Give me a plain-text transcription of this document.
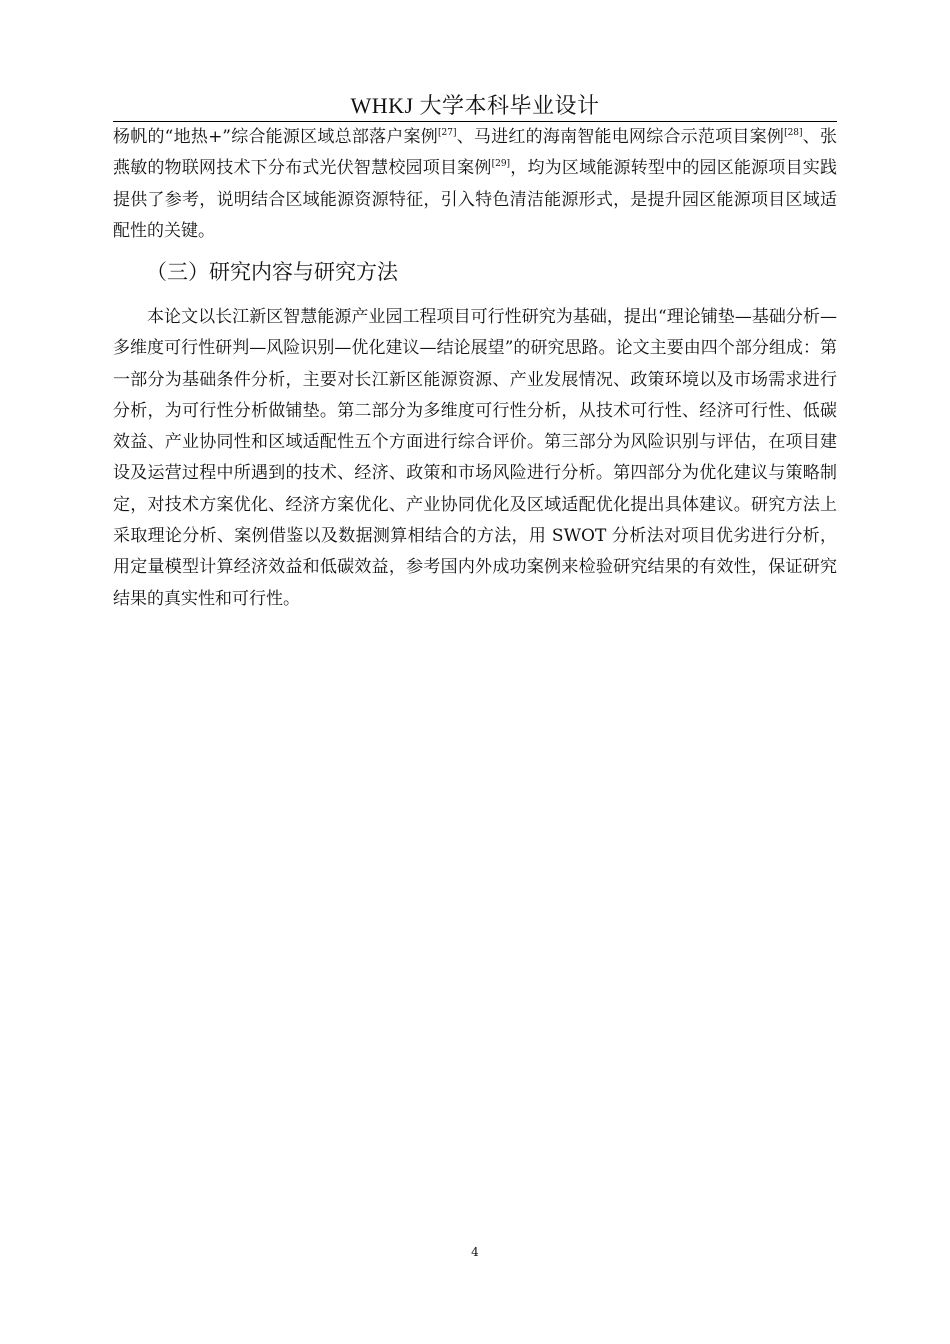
WHKJ 大学本科毕业设计

杨帆的“地热+”综合能源区域总部落户案例[27]、马进红的海南智能电网综合示范项目案例[28]、张燕敏的物联网技术下分布式光伏智慧校园项目案例[29]，均为区域能源转型中的园区能源项目实践提供了参考，说明结合区域能源资源特征，引入特色清洁能源形式，是提升园区能源项目区域适配性的关键。

（三）研究内容与研究方法

本论文以长江新区智慧能源产业园工程项目可行性研究为基础，提出“理论铺垫—基础分析—多维度可行性研判—风险识别—优化建议—结论展望”的研究思路。论文主要由四个部分组成：第一部分为基础条件分析，主要对长江新区能源资源、产业发展情况、政策环境以及市场需求进行分析，为可行性分析做铺垫。第二部分为多维度可行性分析，从技术可行性、经济可行性、低碳效益、产业协同性和区域适配性五个方面进行综合评价。第三部分为风险识别与评估，在项目建设及运营过程中所遇到的技术、经济、政策和市场风险进行分析。第四部分为优化建议与策略制定，对技术方案优化、经济方案优化、产业协同优化及区域适配优化提出具体建议。研究方法上采取理论分析、案例借鉴以及数据测算相结合的方法，用 SWOT 分析法对项目优劣进行分析，用定量模型计算经济效益和低碳效益，参考国内外成功案例来检验研究结果的有效性，保证研究结果的真实性和可行性。

4
